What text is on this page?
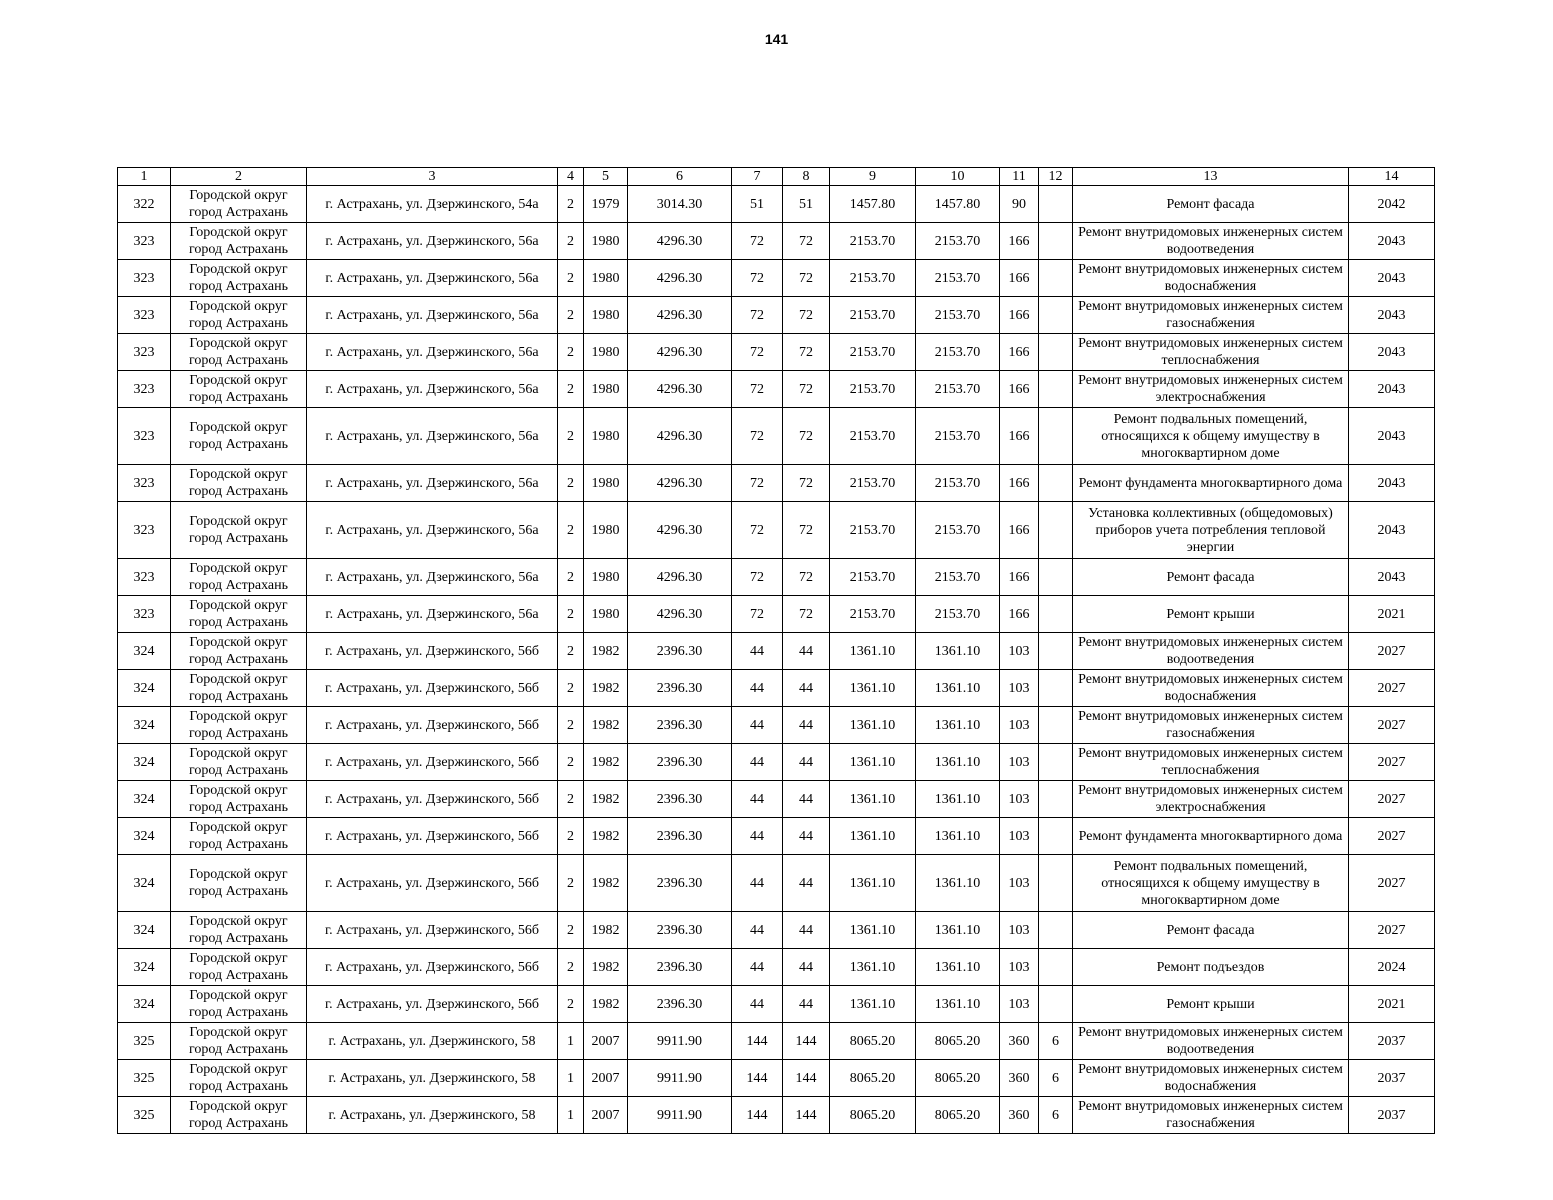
141
1	2	3	4	5	6	7	8	9	10	11	12	13	14
322	Городской округ город Астрахань	г. Астрахань, ул. Дзержинского, 54а	2	1979	3014.30	51	51	1457.80	1457.80	90		Ремонт фасада	2042
323	Городской округ город Астрахань	г. Астрахань, ул. Дзержинского, 56а	2	1980	4296.30	72	72	2153.70	2153.70	166		Ремонт внутридомовых инженерных систем водоотведения	2043
323	Городской округ город Астрахань	г. Астрахань, ул. Дзержинского, 56а	2	1980	4296.30	72	72	2153.70	2153.70	166		Ремонт внутридомовых инженерных систем водоснабжения	2043
323	Городской округ город Астрахань	г. Астрахань, ул. Дзержинского, 56а	2	1980	4296.30	72	72	2153.70	2153.70	166		Ремонт внутридомовых инженерных систем газоснабжения	2043
323	Городской округ город Астрахань	г. Астрахань, ул. Дзержинского, 56а	2	1980	4296.30	72	72	2153.70	2153.70	166		Ремонт внутридомовых инженерных систем теплоснабжения	2043
323	Городской округ город Астрахань	г. Астрахань, ул. Дзержинского, 56а	2	1980	4296.30	72	72	2153.70	2153.70	166		Ремонт внутридомовых инженерных систем электроснабжения	2043
323	Городской округ город Астрахань	г. Астрахань, ул. Дзержинского, 56а	2	1980	4296.30	72	72	2153.70	2153.70	166		Ремонт подвальных помещений, относящихся к общему имуществу в многоквартирном доме	2043
323	Городской округ город Астрахань	г. Астрахань, ул. Дзержинского, 56а	2	1980	4296.30	72	72	2153.70	2153.70	166		Ремонт фундамента многоквартирного дома	2043
323	Городской округ город Астрахань	г. Астрахань, ул. Дзержинского, 56а	2	1980	4296.30	72	72	2153.70	2153.70	166		Установка коллективных (общедомовых) приборов учета потребления тепловой энергии	2043
323	Городской округ город Астрахань	г. Астрахань, ул. Дзержинского, 56а	2	1980	4296.30	72	72	2153.70	2153.70	166		Ремонт фасада	2043
323	Городской округ город Астрахань	г. Астрахань, ул. Дзержинского, 56а	2	1980	4296.30	72	72	2153.70	2153.70	166		Ремонт крыши	2021
324	Городской округ город Астрахань	г. Астрахань, ул. Дзержинского, 56б	2	1982	2396.30	44	44	1361.10	1361.10	103		Ремонт внутридомовых инженерных систем водоотведения	2027
324	Городской округ город Астрахань	г. Астрахань, ул. Дзержинского, 56б	2	1982	2396.30	44	44	1361.10	1361.10	103		Ремонт внутридомовых инженерных систем водоснабжения	2027
324	Городской округ город Астрахань	г. Астрахань, ул. Дзержинского, 56б	2	1982	2396.30	44	44	1361.10	1361.10	103		Ремонт внутридомовых инженерных систем газоснабжения	2027
324	Городской округ город Астрахань	г. Астрахань, ул. Дзержинского, 56б	2	1982	2396.30	44	44	1361.10	1361.10	103		Ремонт внутридомовых инженерных систем теплоснабжения	2027
324	Городской округ город Астрахань	г. Астрахань, ул. Дзержинского, 56б	2	1982	2396.30	44	44	1361.10	1361.10	103		Ремонт внутридомовых инженерных систем электроснабжения	2027
324	Городской округ город Астрахань	г. Астрахань, ул. Дзержинского, 56б	2	1982	2396.30	44	44	1361.10	1361.10	103		Ремонт фундамента многоквартирного дома	2027
324	Городской округ город Астрахань	г. Астрахань, ул. Дзержинского, 56б	2	1982	2396.30	44	44	1361.10	1361.10	103		Ремонт подвальных помещений, относящихся к общему имуществу в многоквартирном доме	2027
324	Городской округ город Астрахань	г. Астрахань, ул. Дзержинского, 56б	2	1982	2396.30	44	44	1361.10	1361.10	103		Ремонт фасада	2027
324	Городской округ город Астрахань	г. Астрахань, ул. Дзержинского, 56б	2	1982	2396.30	44	44	1361.10	1361.10	103		Ремонт подъездов	2024
324	Городской округ город Астрахань	г. Астрахань, ул. Дзержинского, 56б	2	1982	2396.30	44	44	1361.10	1361.10	103		Ремонт крыши	2021
325	Городской округ город Астрахань	г. Астрахань, ул. Дзержинского, 58	1	2007	9911.90	144	144	8065.20	8065.20	360	6	Ремонт внутридомовых инженерных систем водоотведения	2037
325	Городской округ город Астрахань	г. Астрахань, ул. Дзержинского, 58	1	2007	9911.90	144	144	8065.20	8065.20	360	6	Ремонт внутридомовых инженерных систем водоснабжения	2037
325	Городской округ город Астрахань	г. Астрахань, ул. Дзержинского, 58	1	2007	9911.90	144	144	8065.20	8065.20	360	6	Ремонт внутридомовых инженерных систем газоснабжения	2037
